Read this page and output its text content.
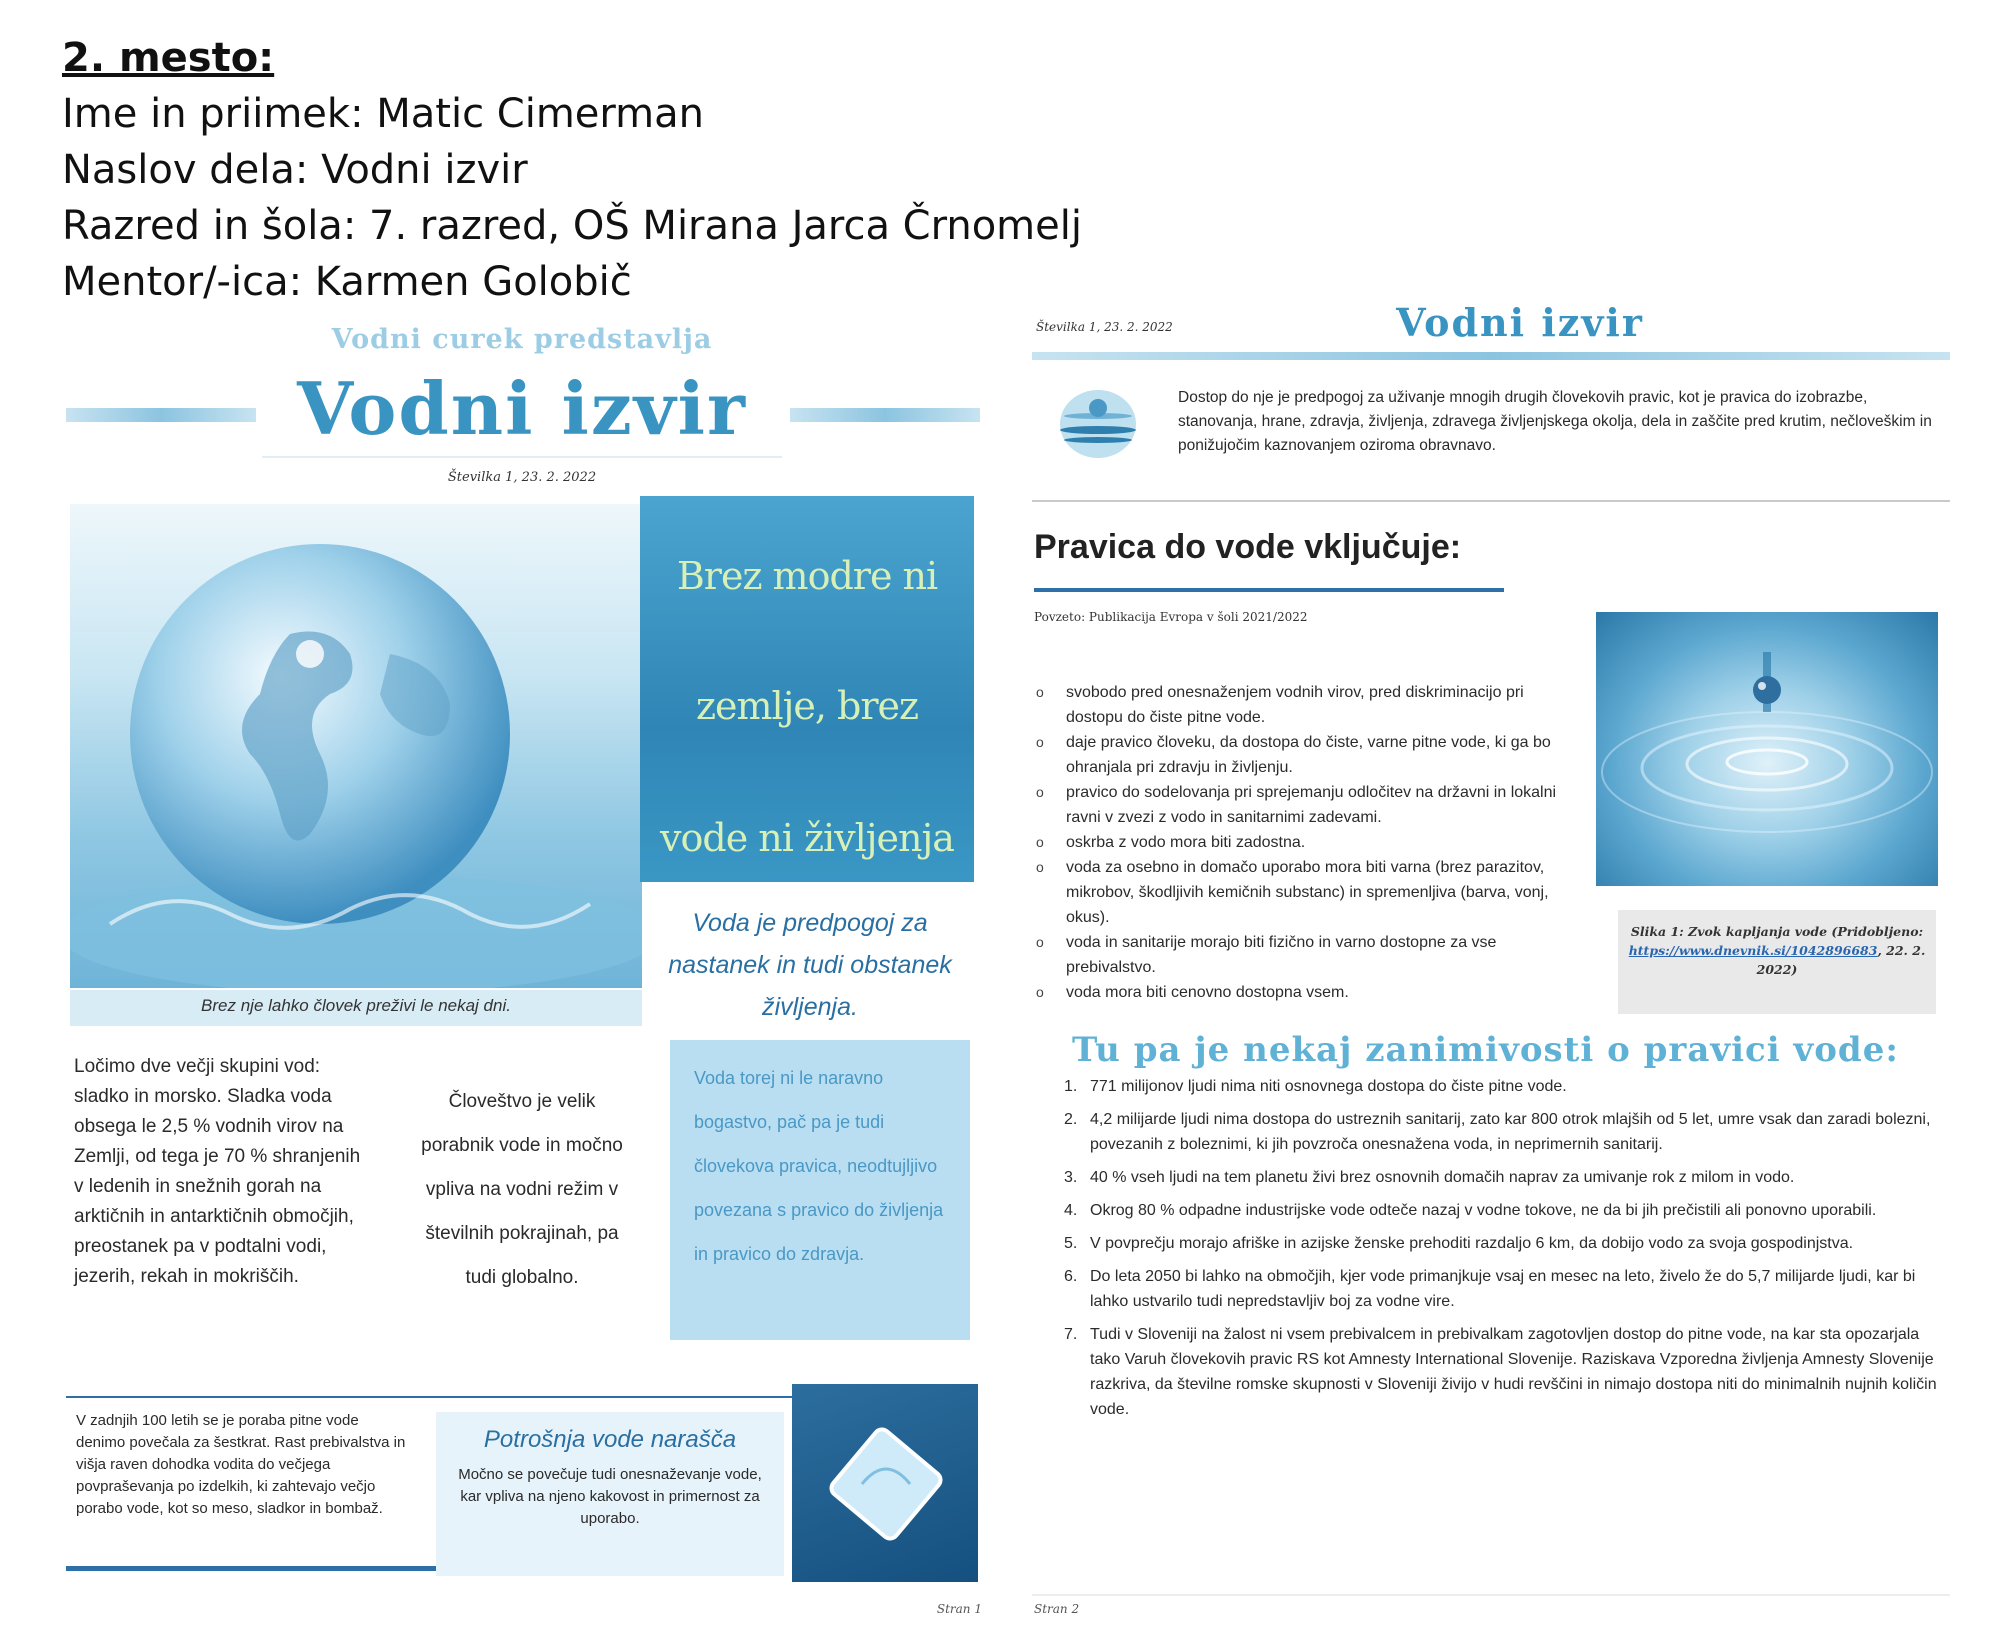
2. mesto:
Ime in priimek: Matic Cimerman
Naslov dela: Vodni izvir
Razred in šola: 7. razred, OŠ Mirana Jarca Črnomelj
Mentor/-ica: Karmen Golobič
Vodni curek predstavlja
Vodni izvir
Številka 1, 23. 2. 2022
Brez nje lahko človek preživi le nekaj dni.
Brez modre ni
zemlje, brez
vode ni življenja
Voda je predpogoj za nastanek in tudi obstanek življenja.
Ločimo dve večji skupini vod: sladko in morsko. Sladka voda obsega le 2,5 % vodnih virov na Zemlji, od tega je 70 % shranjenih v ledenih in snežnih gorah na arktičnih in antarktičnih območjih, preostanek pa v podtalni vodi, jezerih, rekah in mokriščih.
Človeštvo je velik porabnik vode in močno vpliva na vodni režim v številnih pokrajinah, pa tudi globalno.
Voda torej ni le naravno bogastvo, pač pa je tudi človekova pravica, neodtujljivo povezana s pravico do življenja in pravico do zdravja.
V zadnjih 100 letih se je poraba pitne vode denimo povečala za šestkrat. Rast prebivalstva in višja raven dohodka vodita do večjega povpraševanja po izdelkih, ki zahtevajo večjo porabo vode, kot so meso, sladkor in bombaž.
Potrošnja vode narašča
Močno se povečuje tudi onesnaževanje vode, kar vpliva na njeno kakovost in primernost za uporabo.
Stran 1
Številka 1, 23. 2. 2022	Vodni izvir
Dostop do nje je predpogoj za uživanje mnogih drugih človekovih pravic, kot je pravica do izobrazbe, stanovanja, hrane, zdravja, življenja, zdravega življenjskega okolja, dela in zaščite pred krutim, nečloveškim in ponižujočim kaznovanjem oziroma obravnavo.
Pravica do vode vključuje:
Povzeto: Publikacija Evropa v šoli 2021/2022
o svobodo pred onesnaženjem vodnih virov, pred diskriminacijo pri dostopu do čiste pitne vode.
o daje pravico človeku, da dostopa do čiste, varne pitne vode, ki ga bo ohranjala pri zdravju in življenju.
o pravico do sodelovanja pri sprejemanju odločitev na državni in lokalni ravni v zvezi z vodo in sanitarnimi zadevami.
o oskrba z vodo mora biti zadostna.
o voda za osebno in domačo uporabo mora biti varna (brez parazitov, mikrobov, škodljivih kemičnih substanc) in spremenljiva (barva, vonj, okus).
o voda in sanitarije morajo biti fizično in varno dostopne za vse prebivalstvo.
o voda mora biti cenovno dostopna vsem.
Slika 1: Zvok kapljanja vode (Pridobljeno: https://www.dnevnik.si/1042896683, 22. 2. 2022)
Tu pa je nekaj zanimivosti o pravici vode:
1. 771 milijonov ljudi nima niti osnovnega dostopa do čiste pitne vode.
2. 4,2 milijarde ljudi nima dostopa do ustreznih sanitarij, zato kar 800 otrok mlajših od 5 let, umre vsak dan zaradi bolezni, povezanih z boleznimi, ki jih povzroča onesnažena voda, in neprimernih sanitarij.
3. 40 % vseh ljudi na tem planetu živi brez osnovnih domačih naprav za umivanje rok z milom in vodo.
4. Okrog 80 % odpadne industrijske vode odteče nazaj v vodne tokove, ne da bi jih prečistili ali ponovno uporabili.
5. V povprečju morajo afriške in azijske ženske prehoditi razdaljo 6 km, da dobijo vodo za svoja gospodinjstva.
6. Do leta 2050 bi lahko na območjih, kjer vode primanjkuje vsaj en mesec na leto, živelo že do 5,7 milijarde ljudi, kar bi lahko ustvarilo tudi nepredstavljiv boj za vodne vire.
7. Tudi v Sloveniji na žalost ni vsem prebivalcem in prebivalkam zagotovljen dostop do pitne vode, na kar sta opozarjala tako Varuh človekovih pravic RS kot Amnesty International Slovenije. Raziskava Vzporedna življenja Amnesty Slovenije razkriva, da številne romske skupnosti v Sloveniji živijo v hudi revščini in nimajo dostopa niti do minimalnih nujnih količin vode.
Stran 2
